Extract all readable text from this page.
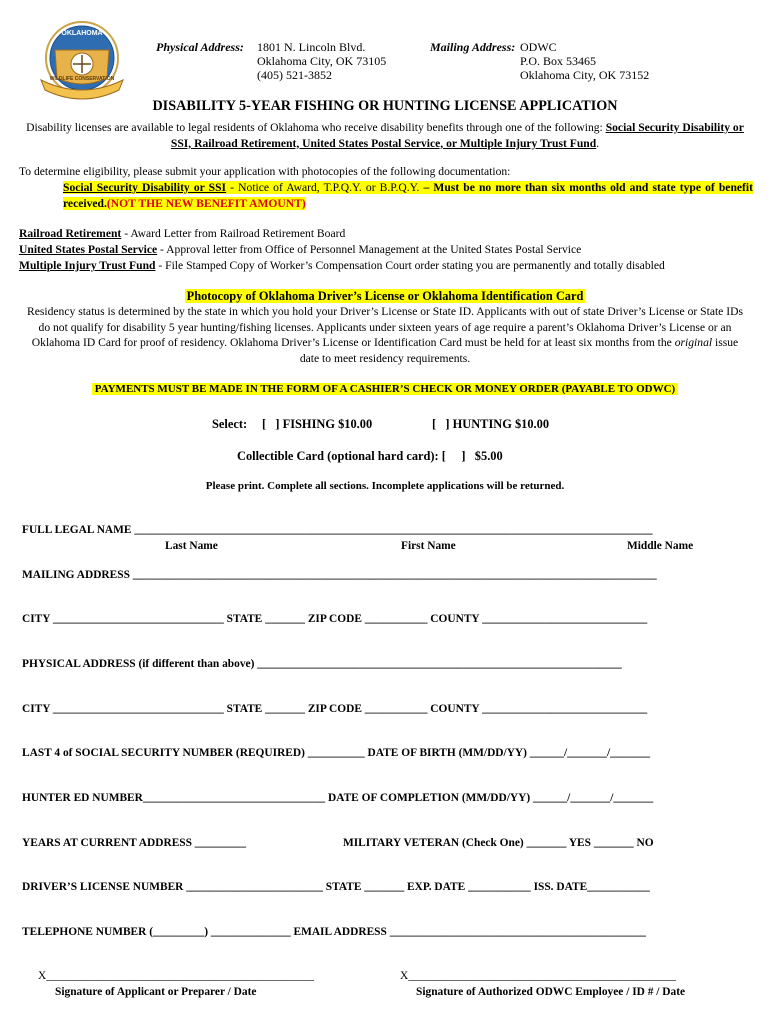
OKLAHOMA
WILDLIFE CONSERVATION
Physical Address: 1801 N. Lincoln Blvd.
Oklahoma City, OK 73105
(405) 521-3852
Mailing Address: ODWC
P.O. Box 53465
Oklahoma City, OK 73152
DISABILITY 5-YEAR FISHING OR HUNTING LICENSE APPLICATION
Disability licenses are available to legal residents of Oklahoma who receive disability benefits through one of the following: Social Security Disability or SSI, Railroad Retirement, United States Postal Service, or Multiple Injury Trust Fund.
To determine eligibility, please submit your application with photocopies of the following documentation:
Social Security Disability or SSI - Notice of Award, T.P.Q.Y. or B.P.Q.Y. – Must be no more than six months old and state type of benefit received.(NOT THE NEW BENEFIT AMOUNT)
Railroad Retirement - Award Letter from Railroad Retirement Board
United States Postal Service - Approval letter from Office of Personnel Management at the United States Postal Service
Multiple Injury Trust Fund - File Stamped Copy of Worker’s Compensation Court order stating you are permanently and totally disabled
Photocopy of Oklahoma Driver’s License or Oklahoma Identification Card
Residency status is determined by the state in which you hold your Driver’s License or State ID. Applicants with out of state Driver’s License or State IDs do not qualify for disability 5 year hunting/fishing licenses. Applicants under sixteen years of age require a parent’s Oklahoma Driver’s License or an Oklahoma ID Card for proof of residency. Oklahoma Driver’s License or Identification Card must be held for at least six months from the original issue date to meet residency requirements.
PAYMENTS MUST BE MADE IN THE FORM OF A CASHIER’S CHECK OR MONEY ORDER (PAYABLE TO ODWC)
Select: [   ] FISHING $10.00	[   ] HUNTING $10.00
Collectible Card (optional hard card): [     ]   $5.00
Please print. Complete all sections. Incomplete applications will be returned.
FULL LEGAL NAME ___________________________________________________________________________________________
Last Name	First Name	Middle Name
MAILING ADDRESS ____________________________________________________________________________________________
CITY ______________________________ STATE _______ ZIP CODE ___________ COUNTY _____________________________
PHYSICAL ADDRESS (if different than above) ________________________________________________________________
CITY ______________________________ STATE _______ ZIP CODE ___________ COUNTY _____________________________
LAST 4 of SOCIAL SECURITY NUMBER (REQUIRED) __________ DATE OF BIRTH (MM/DD/YY) ______/_______/_______
HUNTER ED NUMBER________________________________ DATE OF COMPLETION (MM/DD/YY) ______/_______/_______
YEARS AT CURRENT ADDRESS _________	MILITARY VETERAN (Check One) _______ YES _______ NO
DRIVER’S LICENSE NUMBER ________________________ STATE _______ EXP. DATE ___________ ISS. DATE___________
TELEPHONE NUMBER (_________) ______________ EMAIL ADDRESS _____________________________________________
X_______________________________________________
Signature of Applicant or Preparer / Date
X_______________________________________________
Signature of Authorized ODWC Employee / ID # / Date
